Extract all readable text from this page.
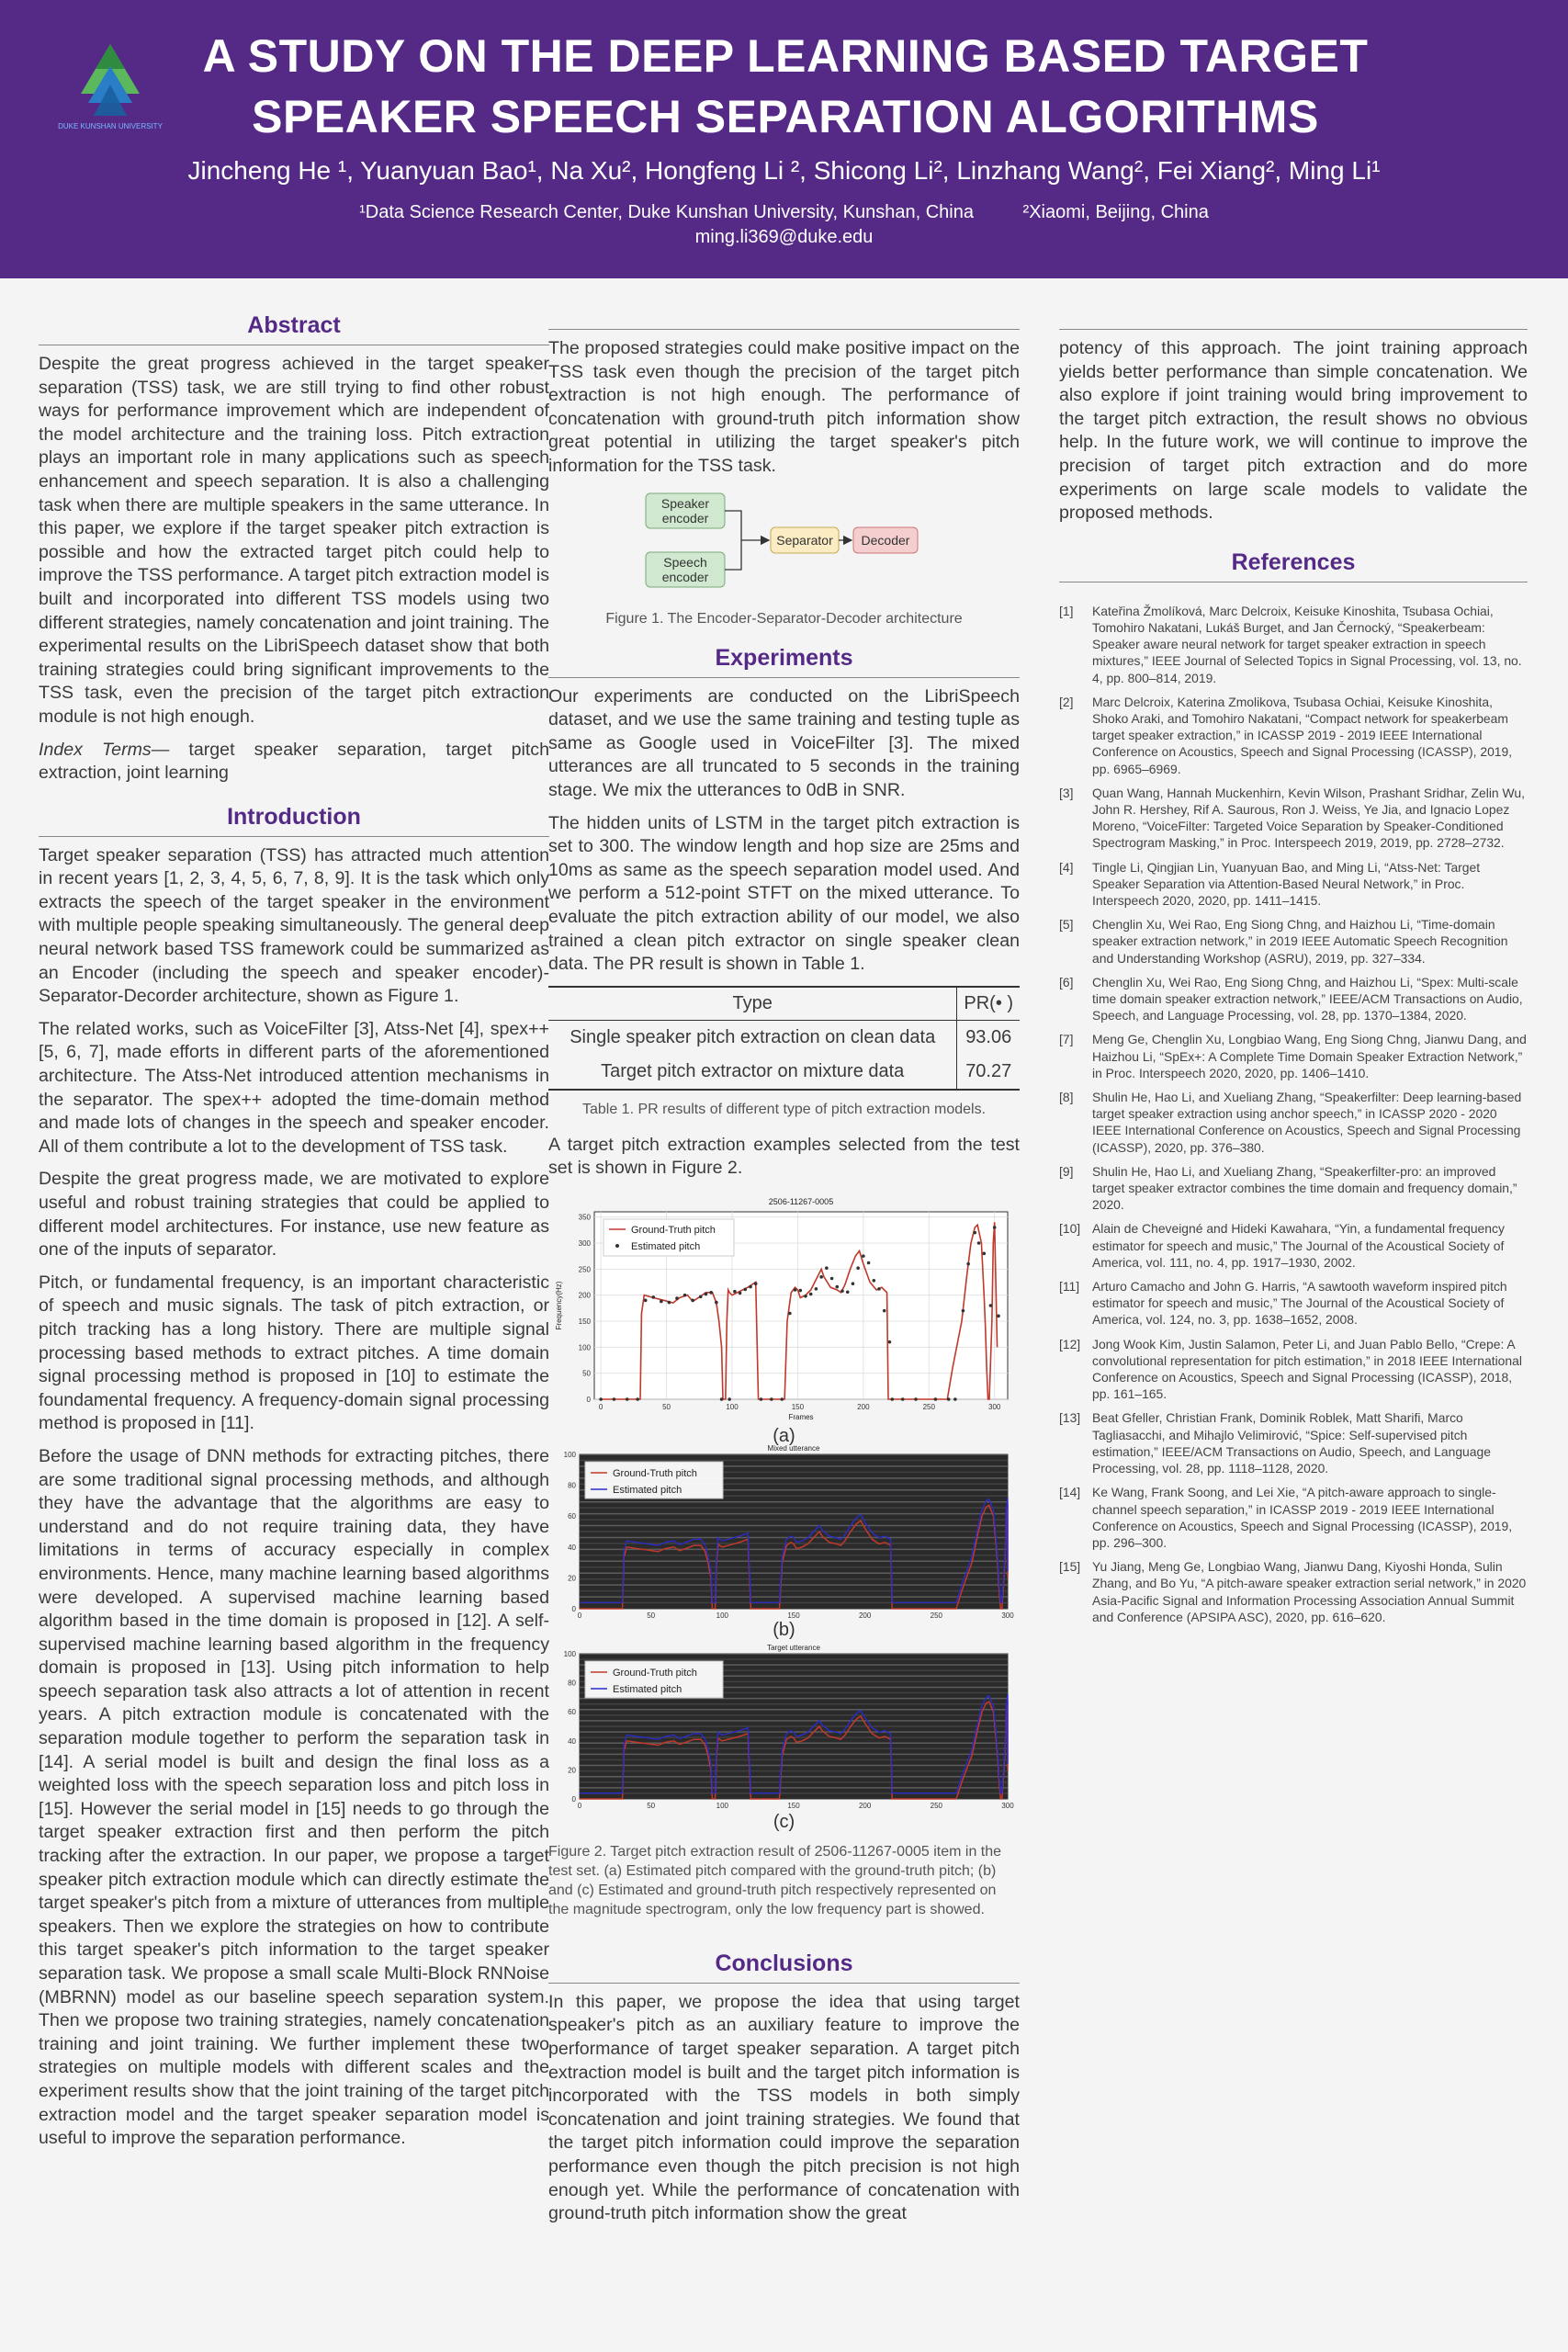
DUKE KUNSHAN UNIVERSITY
A STUDY ON THE DEEP LEARNING BASED TARGET
SPEAKER SPEECH SEPARATION ALGORITHMS
Jincheng He ¹, Yuanyuan Bao¹, Na Xu², Hongfeng Li ², Shicong Li², Linzhang Wang², Fei Xiang², Ming Li¹
¹Data Science Research Center, Duke Kunshan University, Kunshan, China	²Xiaomi, Beijing, China
ming.li369@duke.edu
Abstract

Despite the great progress achieved in the target speaker separation (TSS) task, we are still trying to find other robust ways for performance improvement which are independent of the model architecture and the training loss. Pitch extraction plays an important role in many applications such as speech enhancement and speech separation. It is also a challenging task when there are multiple speakers in the same utterance. In this paper, we explore if the target speaker pitch extraction is possible and how the extracted target pitch could help to improve the TSS performance. A target pitch extraction model is built and incorporated into different TSS models using two different strategies, namely concatenation and joint training. The experimental results on the LibriSpeech dataset show that both training strategies could bring significant improvements to the TSS task, even the precision of the target pitch extraction module is not high enough.

Index Terms— target speaker separation, target pitch extraction, joint learning

Introduction

Target speaker separation (TSS) has attracted much attention in recent years [1, 2, 3, 4, 5, 6, 7, 8, 9]. It is the task which only extracts the speech of the target speaker in the environment with multiple people speaking simultaneously. The general deep neural network based TSS framework could be summarized as an Encoder (including the speech and speaker encoder)-Separator-Decorder architecture, shown as Figure 1.

The related works, such as VoiceFilter [3], Atss-Net [4], spex++ [5, 6, 7], made efforts in different parts of the aforementioned architecture. The Atss-Net introduced attention mechanisms in the separator. The spex++ adopted the time-domain method and made lots of changes in the speech and speaker encoder. All of them contribute a lot to the development of TSS task.

Despite the great progress made, we are motivated to explore useful and robust training strategies that could be applied to different model architectures. For instance, use new feature as one of the inputs of separator.

Pitch, or fundamental frequency, is an important characteristic of speech and music signals. The task of pitch extraction, or pitch tracking has a long history. There are multiple signal processing based methods to extract pitches. A time domain signal processing method is proposed in [10] to estimate the foundamental frequency. A frequency-domain signal processing method is proposed in [11].

Before the usage of DNN methods for extracting pitches, there are some traditional signal processing methods, and although they have the advantage that the algorithms are easy to understand and do not require training data, they have limitations in terms of accuracy especially in complex environments. Hence, many machine learning based algorithms were developed. A supervised machine learning based algorithm based in the time domain is proposed in [12]. A self-supervised machine learning based algorithm in the frequency domain is proposed in [13]. Using pitch information to help speech separation task also attracts a lot of attention in recent years. A pitch extraction module is concatenated with the separation module together to perform the separation task in [14]. A serial model is built and design the final loss as a weighted loss with the speech separation loss and pitch loss in [15]. However the serial model in [15] needs to go through the target speaker extraction first and then perform the pitch tracking after the extraction. In our paper, we propose a target speaker pitch extraction module which can directly estimate the target speaker's pitch from a mixture of utterances from multiple speakers. Then we explore the strategies on how to contribute this target speaker's pitch information to the target speaker separation task. We propose a small scale Multi-Block RNNoise (MBRNN) model as our baseline speech separation system. Then we propose two training strategies, namely concatenation training and joint training. We further implement these two strategies on multiple models with different scales and the experiment results show that the joint training of the target pitch extraction model and the target speaker separation model is useful to improve the separation performance.

The proposed strategies could make positive impact on the TSS task even though the precision of the target pitch extraction is not high enough. The performance of concatenation with ground-truth pitch information show great potential in utilizing the target speaker's pitch information for the TSS task.

Speaker
encoder
Speech
encoder
Separator Decoder
Figure 1. The Encoder-Separator-Decoder architecture
Experiments

Our experiments are conducted on the LibriSpeech dataset, and we use the same training and testing tuple as same as Google used in VoiceFilter [3]. The mixed utterances are all truncated to 5 seconds in the training stage. We mix the utterances to 0dB in SNR.

The hidden units of LSTM in the target pitch extraction is set to 300. The window length and hop size are 25ms and 10ms as same as the speech separation model used. And we perform a 512-point STFT on the mixed utterance. To evaluate the pitch extraction ability of our model, we also trained a clean pitch extractor on single speaker clean data. The PR result is shown in Table 1.

Type	PR(• )
Single speaker pitch extraction on clean data	93.06
Target pitch extractor on mixture data	70.27
Table 1. PR results of different type of pitch extraction models.

A target pitch extraction examples selected from the test set is shown in Figure 2.

0
50
100
150
200
250
300
350
0	50	100	150	200	250	300
2506-11267-0005
Frames
Frequency(Hz)
Ground-Truth pitch
Estimated pitch
(a)
Mixed utterance
0
20
40
60
80
100
0	50	100	150	200	250	300
Ground-Truth pitch
Estimated pitch
(b)
Target utterance
0
20
40
60
80
100
0	50	100	150	200	250	300
Ground-Truth pitch
Estimated pitch
(c)
Figure 2. Target pitch extraction result of 2506-11267-0005 item in the test set. (a) Estimated pitch compared with the ground-truth pitch; (b) and (c) Estimated and ground-truth pitch respectively represented on the magnitude spectrogram, only the low frequency part is showed.
Conclusions

In this paper, we propose the idea that using target speaker's pitch as an auxiliary feature to improve the performance of target speaker separation. A target pitch extraction model is built and the target pitch information is incorporated with the TSS models in both simply concatenation and joint training strategies. We found that the target pitch information could improve the separation performance even though the pitch precision is not high enough yet. While the performance of concatenation with ground-truth pitch information show the great

potency of this approach. The joint training approach yields better performance than simple concatenation. We also explore if joint training would bring improvement to the target pitch extraction, the result shows no obvious help. In the future work, we will continue to improve the precision of target pitch extraction and do more experiments on large scale models to validate the proposed methods.

References
[1]	Kateřina Žmolíková, Marc Delcroix, Keisuke Kinoshita, Tsubasa Ochiai, Tomohiro Nakatani, Lukáš Burget, and Jan Černocký, “Speakerbeam: Speaker aware neural network for target speaker extraction in speech mixtures,” IEEE Journal of Selected Topics in Signal Processing, vol. 13, no. 4, pp. 800–814, 2019.
[2]	Marc Delcroix, Katerina Zmolikova, Tsubasa Ochiai, Keisuke Kinoshita, Shoko Araki, and Tomohiro Nakatani, “Compact network for speakerbeam target speaker extraction,” in ICASSP 2019 - 2019 IEEE International Conference on Acoustics, Speech and Signal Processing (ICASSP), 2019, pp. 6965–6969.
[3]	Quan Wang, Hannah Muckenhirn, Kevin Wilson, Prashant Sridhar, Zelin Wu, John R. Hershey, Rif A. Saurous, Ron J. Weiss, Ye Jia, and Ignacio Lopez Moreno, “VoiceFilter: Targeted Voice Separation by Speaker-Conditioned Spectrogram Masking,” in Proc. Interspeech 2019, 2019, pp. 2728–2732.
[4]	Tingle Li, Qingjian Lin, Yuanyuan Bao, and Ming Li, “Atss-Net: Target Speaker Separation via Attention-Based Neural Network,” in Proc. Interspeech 2020, 2020, pp. 1411–1415.
[5]	Chenglin Xu, Wei Rao, Eng Siong Chng, and Haizhou Li, “Time-domain speaker extraction network,” in 2019 IEEE Automatic Speech Recognition and Understanding Workshop (ASRU), 2019, pp. 327–334.
[6]	Chenglin Xu, Wei Rao, Eng Siong Chng, and Haizhou Li, “Spex: Multi-scale time domain speaker extraction network,” IEEE/ACM Transactions on Audio, Speech, and Language Processing, vol. 28, pp. 1370–1384, 2020.
[7]	Meng Ge, Chenglin Xu, Longbiao Wang, Eng Siong Chng, Jianwu Dang, and Haizhou Li, “SpEx+: A Complete Time Domain Speaker Extraction Network,” in Proc. Interspeech 2020, 2020, pp. 1406–1410.
[8]	Shulin He, Hao Li, and Xueliang Zhang, “Speakerfilter: Deep learning-based target speaker extraction using anchor speech,” in ICASSP 2020 - 2020 IEEE International Conference on Acoustics, Speech and Signal Processing (ICASSP), 2020, pp. 376–380.
[9]	Shulin He, Hao Li, and Xueliang Zhang, “Speakerfilter-pro: an improved target speaker extractor combines the time domain and frequency domain,” 2020.
[10] Alain de Cheveigné and Hideki Kawahara, “Yin, a fundamental frequency estimator for speech and music,” The Journal of the Acoustical Society of America, vol. 111, no. 4, pp. 1917–1930, 2002.
[11] Arturo Camacho and John G. Harris, “A sawtooth waveform inspired pitch estimator for speech and music,” The Journal of the Acoustical Society of America, vol. 124, no. 3, pp. 1638–1652, 2008.
[12] Jong Wook Kim, Justin Salamon, Peter Li, and Juan Pablo Bello, “Crepe: A convolutional representation for pitch estimation,” in 2018 IEEE International Conference on Acoustics, Speech and Signal Processing (ICASSP), 2018, pp. 161–165.
[13] Beat Gfeller, Christian Frank, Dominik Roblek, Matt Sharifi, Marco Tagliasacchi, and Mihajlo Velimirović, “Spice: Self-supervised pitch estimation,” IEEE/ACM Transactions on Audio, Speech, and Language Processing, vol. 28, pp. 1118–1128, 2020.
[14] Ke Wang, Frank Soong, and Lei Xie, “A pitch-aware approach to single-channel speech separation,” in ICASSP 2019 - 2019 IEEE International Conference on Acoustics, Speech and Signal Processing (ICASSP), 2019, pp. 296–300.
[15] Yu Jiang, Meng Ge, Longbiao Wang, Jianwu Dang, Kiyoshi Honda, Sulin Zhang, and Bo Yu, “A pitch-aware speaker extraction serial network,” in 2020 Asia-Pacific Signal and Information Processing Association Annual Summit and Conference (APSIPA ASC), 2020, pp. 616–620.
